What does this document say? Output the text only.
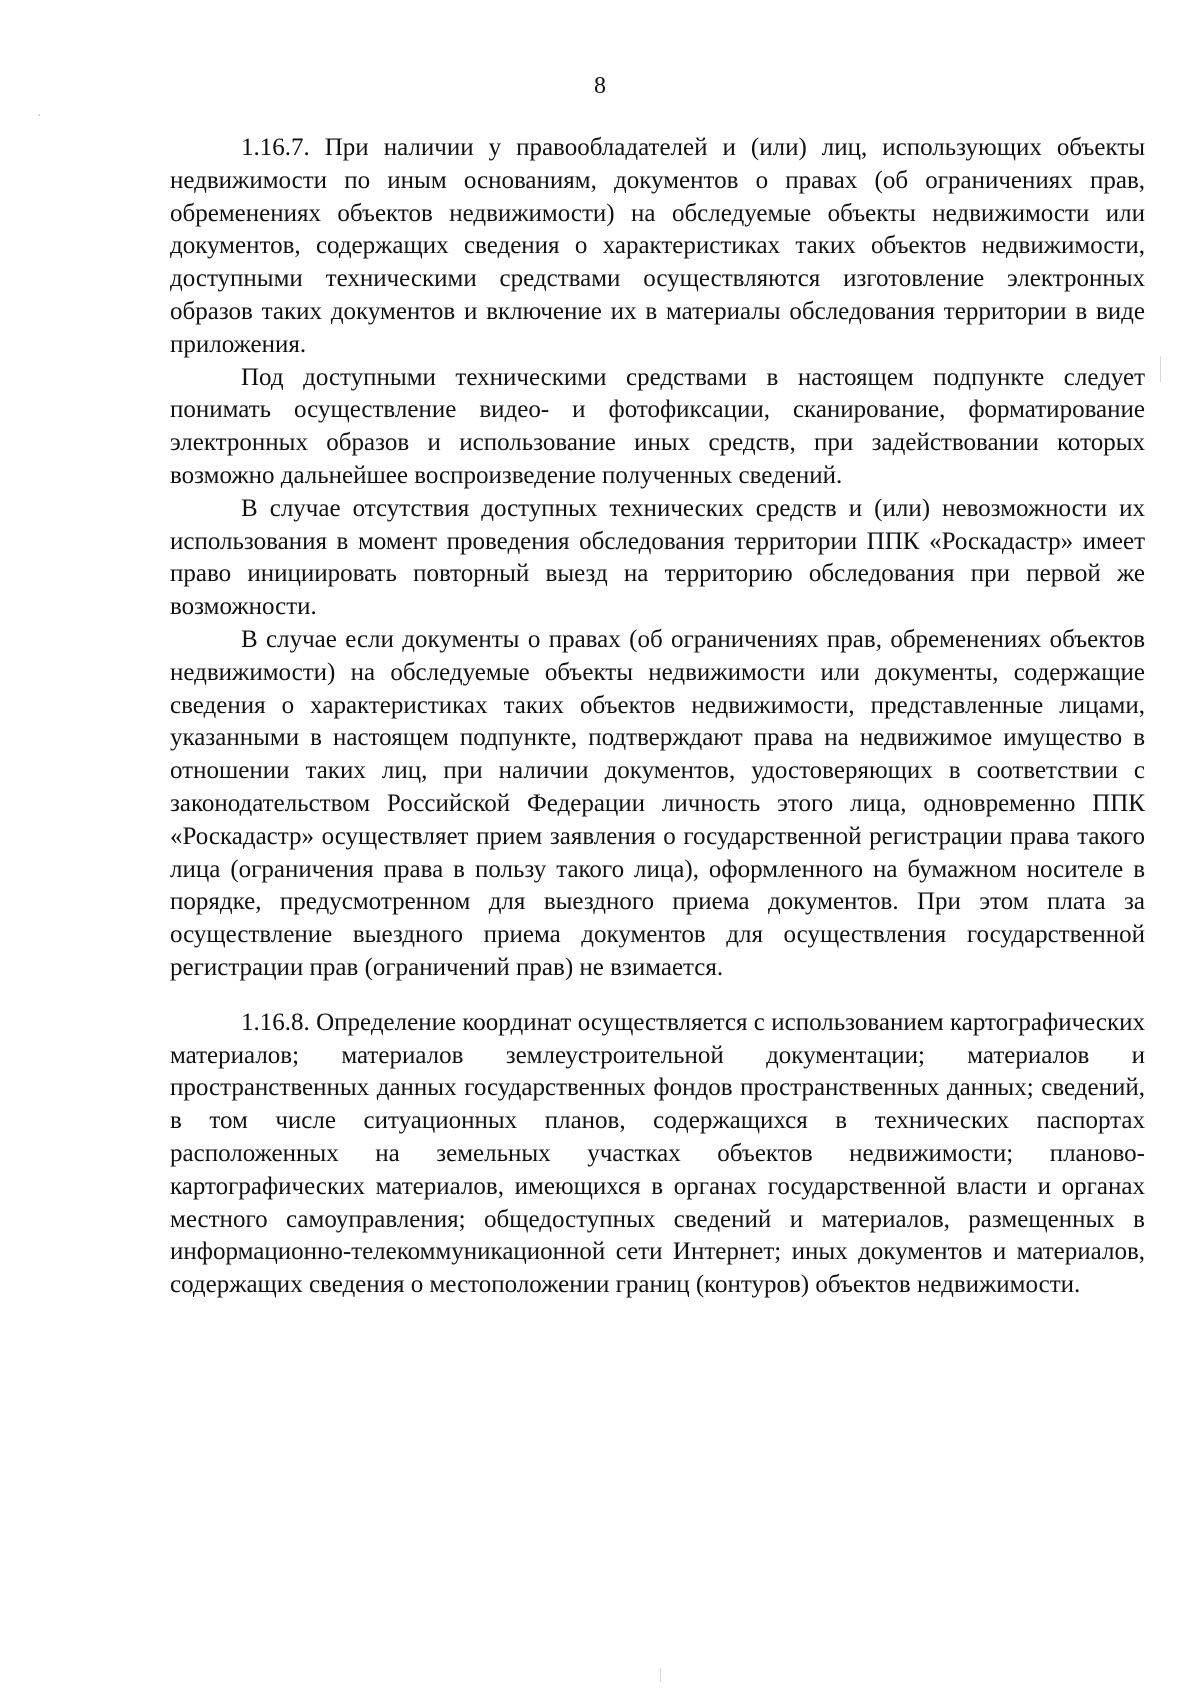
8

1.16.7. При наличии у правообладателей и (или) лиц, использующих объекты недвижимости по иным основаниям, документов о правах (об ограничениях прав, обременениях объектов недвижимости) на обследуемые объекты недвижимости или документов, содержащих сведения о характеристиках таких объектов недвижимости, доступными техническими средствами осуществляются изготовление электронных образов таких документов и включение их в материалы обследования территории в виде приложения.

Под доступными техническими средствами в настоящем подпункте следует понимать осуществление видео- и фотофиксации, сканирование, форматирование электронных образов и использование иных средств, при задействовании которых возможно дальнейшее воспроизведение полученных сведений.

В случае отсутствия доступных технических средств и (или) невозможности их использования в момент проведения обследования территории ППК «Роскадастр» имеет право инициировать повторный выезд на территорию обследования при первой же возможности.

В случае если документы о правах (об ограничениях прав, обременениях объектов недвижимости) на обследуемые объекты недвижимости или документы, содержащие сведения о характеристиках таких объектов недвижимости, представленные лицами, указанными в настоящем подпункте, подтверждают права на недвижимое имущество в отношении таких лиц, при наличии документов, удостоверяющих в соответствии с законодательством Российской Федерации личность этого лица, одновременно ППК «Роскадастр» осуществляет прием заявления о государственной регистрации права такого лица (ограничения права в пользу такого лица), оформленного на бумажном носителе в порядке, предусмотренном для выездного приема документов. При этом плата за осуществление выездного приема документов для осуществления государственной регистрации прав (ограничений прав) не взимается.

1.16.8. Определение координат осуществляется с использованием картографических материалов; материалов землеустроительной документации; материалов и пространственных данных государственных фондов пространственных данных; сведений, в том числе ситуационных планов, содержащихся в технических паспортах расположенных на земельных участках объектов недвижимости; планово-картографических материалов, имеющихся в органах государственной власти и органах местного самоуправления; общедоступных сведений и материалов, размещенных в информационно-телекоммуникационной сети Интернет; иных документов и материалов, содержащих сведения о местоположении границ (контуров) объектов недвижимости.
